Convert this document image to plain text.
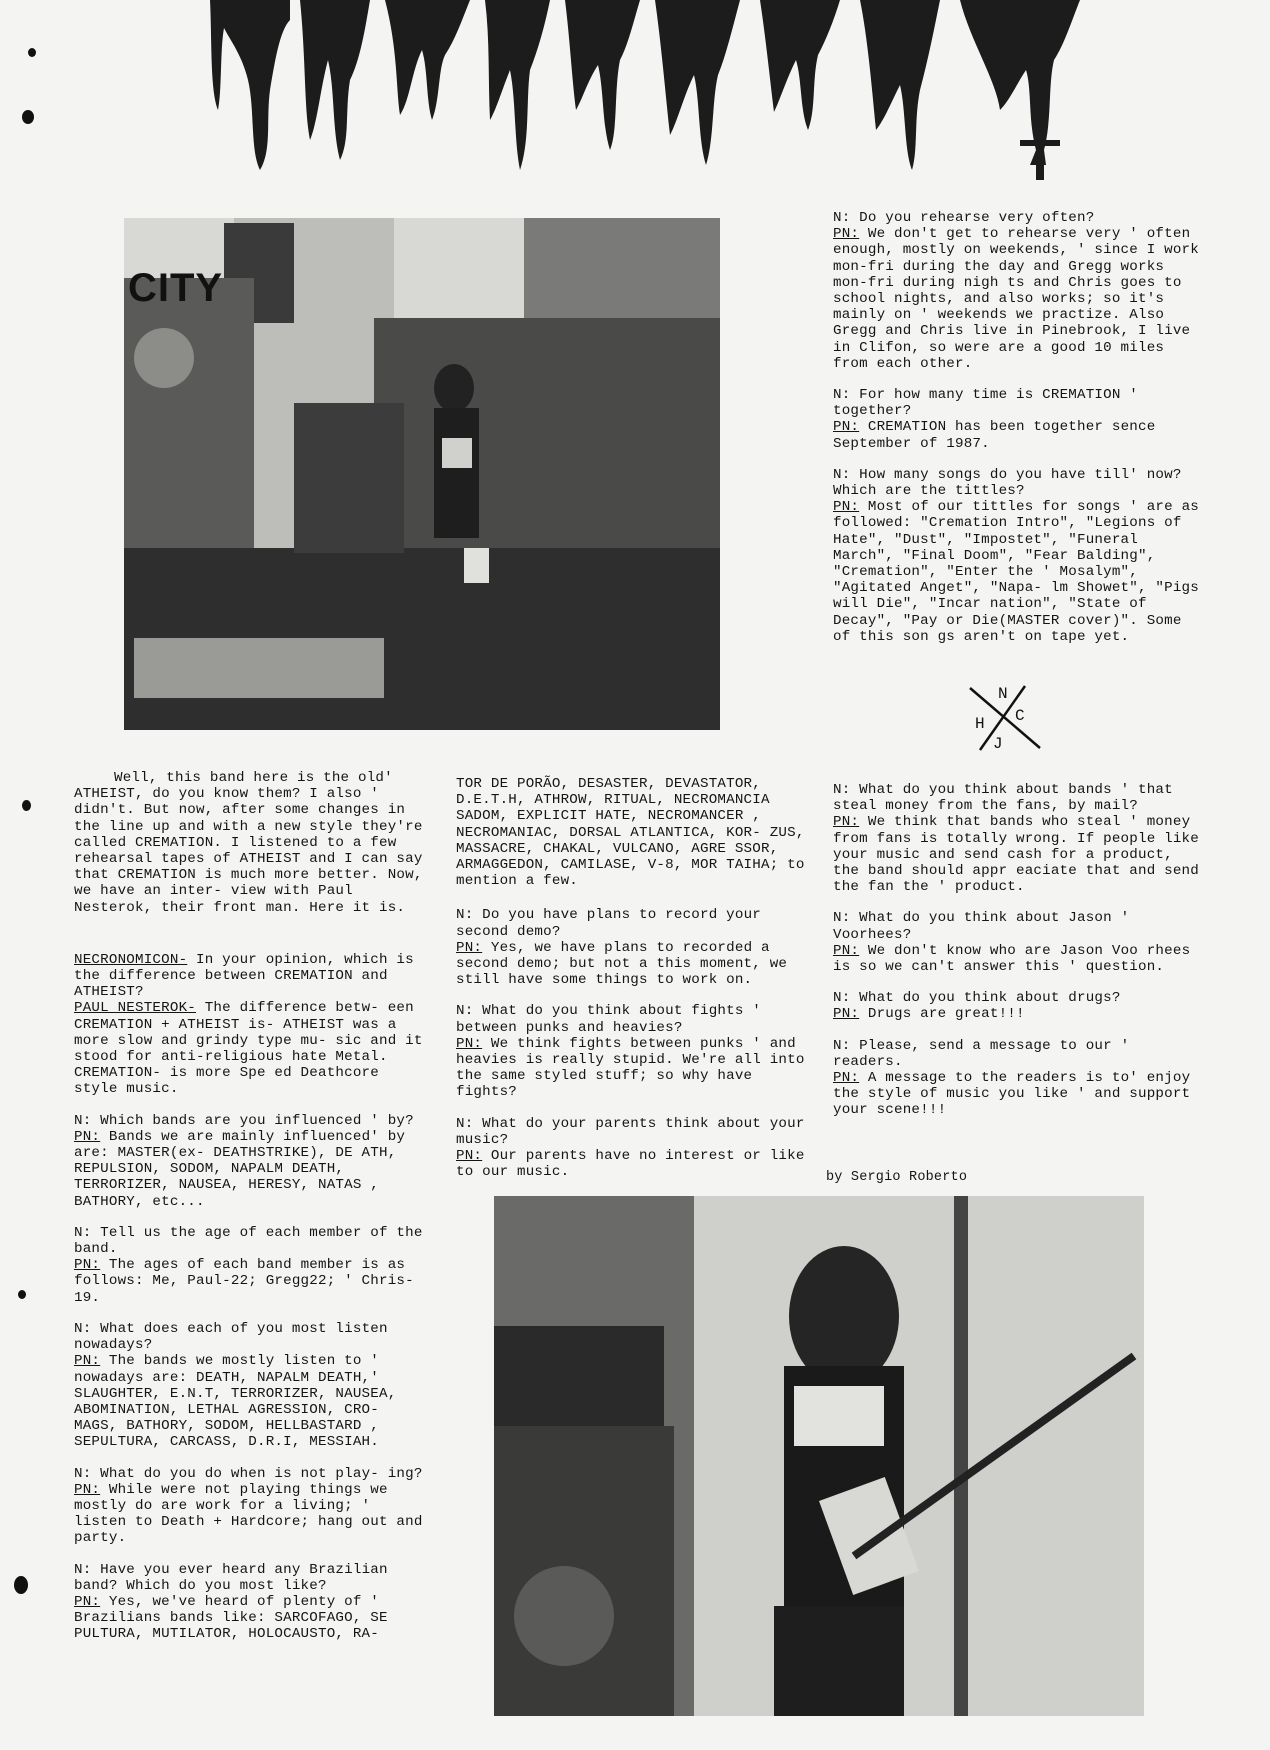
CITY
N: Do you rehearse very often?
PN: We don't get to rehearse very ' often enough, mostly on weekends, ' since I work mon-fri during the day and Gregg works mon-fri during nigh ts and Chris goes to school nights, and also works; so it's mainly on ' weekends we practize. Also Gregg and Chris live in Pinebrook, I live in Clifon, so were are a good 10 miles from each other.
N: For how many time is CREMATION ' together?
PN: CREMATION has been together sence September of 1987.
N: How many songs do you have till' now? Which are the tittles?
PN: Most of our tittles for songs ' are as followed: "Cremation Intro", "Legions of Hate", "Dust", "Impostet", "Funeral March", "Final Doom", "Fear Balding", "Cremation", "Enter the ' Mosalym", "Agitated Anget", "Napa- lm Showet", "Pigs will Die", "Incar nation", "State of Decay", "Pay or Die(MASTER cover)". Some of this son gs aren't on tape yet.
N
H C
J

Well, this band here is the old' ATHEIST, do you know them? I also ' didn't. But now, after some changes in the line up and with a new style they're called CREMATION. I listened to a few rehearsal tapes of ATHEIST and I can say that CREMATION is much more better. Now, we have an inter- view with Paul Nesterok, their front man. Here it is.

NECRONOMICON- In your opinion, which is the difference between CREMATION and ATHEIST?
PAUL NESTEROK- The difference betw- een CREMATION + ATHEIST is- ATHEIST was a more slow and grindy type mu- sic and it stood for anti-religious hate Metal. CREMATION- is more Spe ed Deathcore style music.
N: Which bands are you influenced ' by?
PN: Bands we are mainly influenced' by are: MASTER(ex- DEATHSTRIKE), DE ATH, REPULSION, SODOM, NAPALM DEATH, TERRORIZER, NAUSEA, HERESY, NATAS , BATHORY, etc...
N: Tell us the age of each member of the band.
PN: The ages of each band member is as follows: Me, Paul-22; Gregg22; ' Chris-19.
N: What does each of you most listen nowadays?
PN: The bands we mostly listen to ' nowadays are: DEATH, NAPALM DEATH,' SLAUGHTER, E.N.T, TERRORIZER, NAUSEA, ABOMINATION, LETHAL AGRESSION, CRO- MAGS, BATHORY, SODOM, HELLBASTARD , SEPULTURA, CARCASS, D.R.I, MESSIAH.
N: What do you do when is not play- ing?
PN: While were not playing things we mostly do are work for a living; ' listen to Death + Hardcore; hang out and party.
N: Have you ever heard any Brazilian band? Which do you most like?
PN: Yes, we've heard of plenty of ' Brazilians bands like: SARCOFAGO, SE PULTURA, MUTILATOR, HOLOCAUSTO, RA-

TOR DE PORÃO, DESASTER, DEVASTATOR, D.E.T.H, ATHROW, RITUAL, NECROMANCIA SADOM, EXPLICIT HATE, NECROMANCER , NECROMANIAC, DORSAL ATLANTICA, KOR- ZUS, MASSACRE, CHAKAL, VULCANO, AGRE SSOR, ARMAGGEDON, CAMILASE, V-8, MOR TAIHA; to mention a few.

N: Do you have plans to record your second demo?
PN: Yes, we have plans to recorded a second demo; but not a this moment, we still have some things to work on.
N: What do you think about fights ' between punks and heavies?
PN: We think fights between punks ' and heavies is really stupid. We're all into the same styled stuff; so why have fights?
N: What do your parents think about your music?
PN: Our parents have no interest or like to our music.
N: What do you think about bands ' that steal money from the fans, by mail?
PN: We think that bands who steal ' money from fans is totally wrong. If people like your music and send cash for a product, the band should appr eaciate that and send the fan the ' product.
N: What do you think about Jason ' Voorhees?
PN: We don't know who are Jason Voo rhees is so we can't answer this ' question.
N: What do you think about drugs?
PN: Drugs are great!!!
N: Please, send a message to our ' readers.
PN: A message to the readers is to' enjoy the style of music you like ' and support your scene!!!
by Sergio Roberto
